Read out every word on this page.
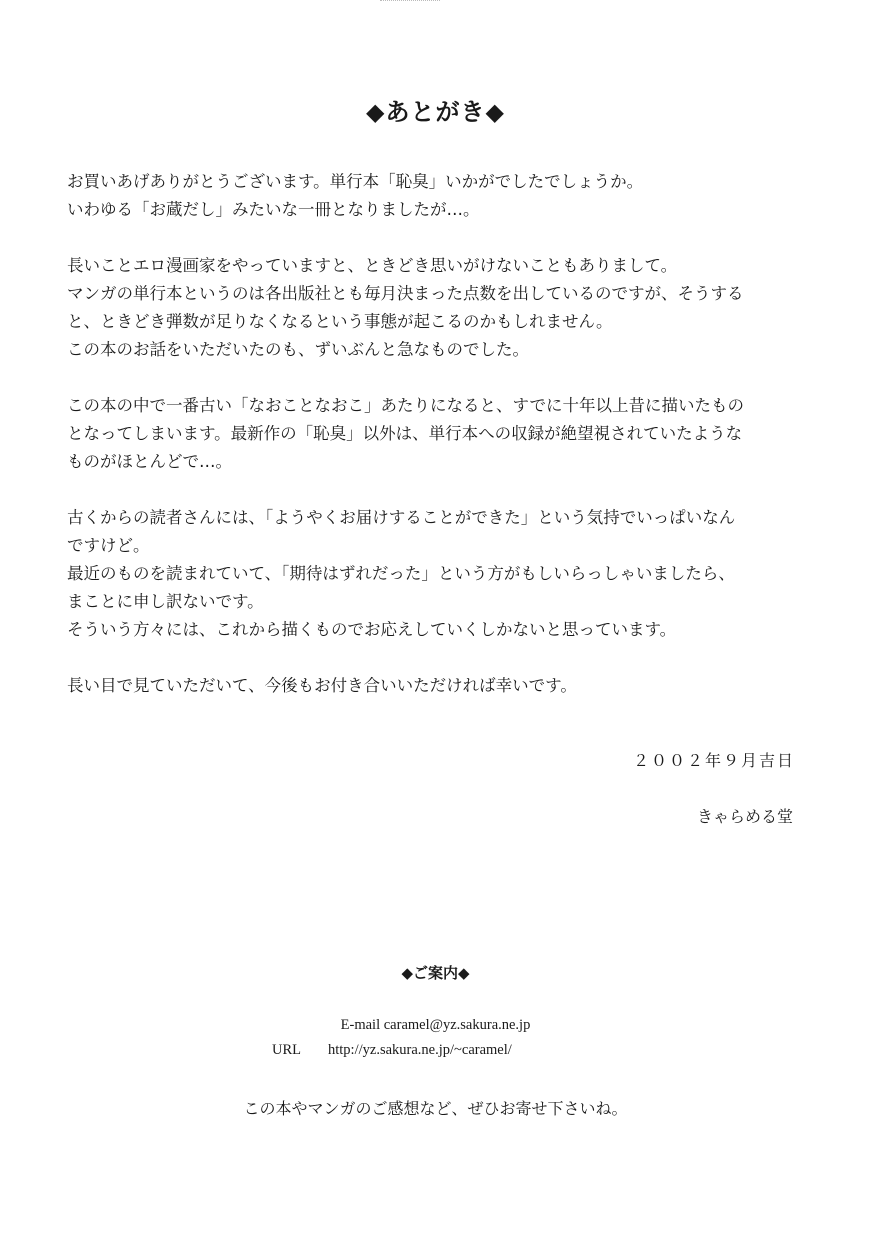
◆あとがき◆
お買いあげありがとうございます。単行本「恥臭」いかがでしたでしょうか。
いわゆる「お蔵だし」みたいな一冊となりましたが…。
長いことエロ漫画家をやっていますと、ときどき思いがけないこともありまして。
マンガの単行本というのは各出版社とも毎月決まった点数を出しているのですが、そうする
と、ときどき弾数が足りなくなるという事態が起こるのかもしれません。
この本のお話をいただいたのも、ずいぶんと急なものでした。
この本の中で一番古い「なおことなおこ」あたりになると、すでに十年以上昔に描いたもの
となってしまいます。最新作の「恥臭」以外は、単行本への収録が絶望視されていたような
ものがほとんどで…。
古くからの読者さんには、「ようやくお届けすることができた」という気持でいっぱいなん
ですけど。
最近のものを読まれていて、「期待はずれだった」という方がもしいらっしゃいましたら、
まことに申し訳ないです。
そういう方々には、これから描くものでお応えしていくしかないと思っています。
長い目で見ていただいて、今後もお付き合いいただければ幸いです。
２００２年９月吉日
きゃらめる堂
◆ご案内◆
E-mail caramel@yz.sakura.ne.jp
URL http://yz.sakura.ne.jp/~caramel/
この本やマンガのご感想など、ぜひお寄せ下さいね。
